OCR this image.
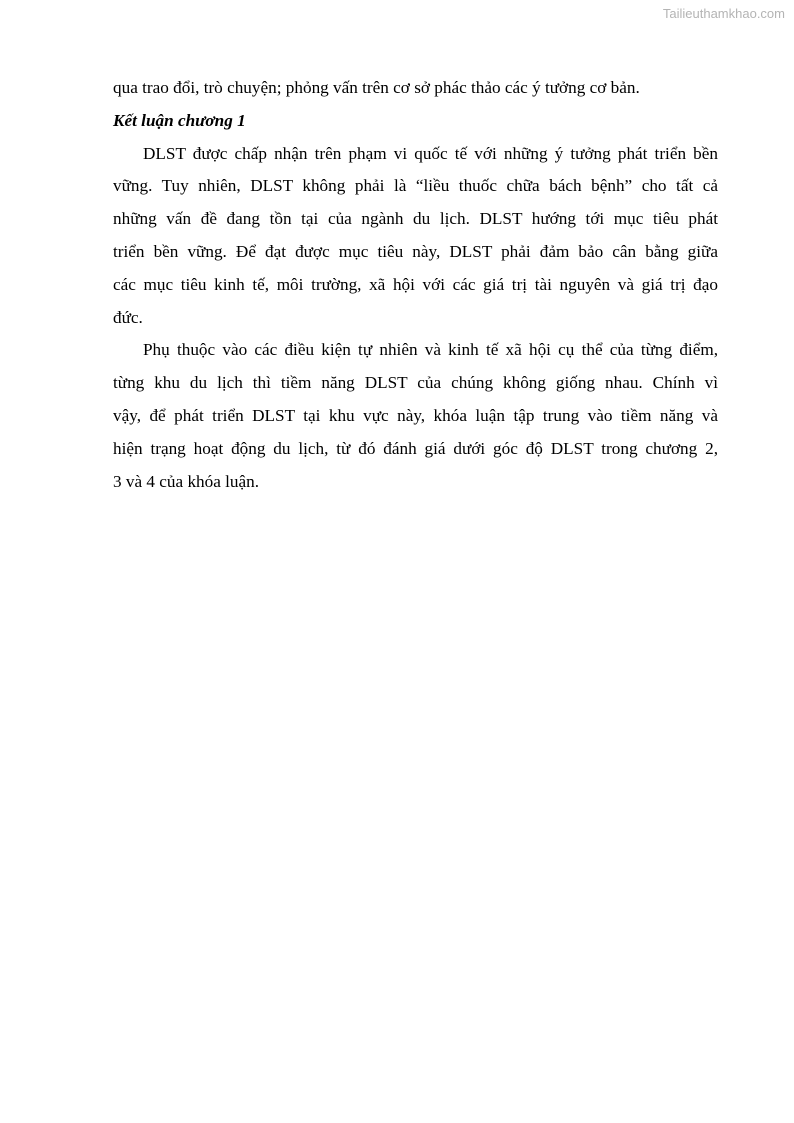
Tailieuthamkhao.com
qua trao đổi, trò chuyện; phỏng vấn trên cơ sở phác thảo các ý tưởng cơ bản.
Kết luận chương 1
DLST được chấp nhận trên phạm vi quốc tế với những ý tưởng phát triển bền
vững. Tuy nhiên, DLST không phải là “liều thuốc chữa bách bệnh” cho tất cả
những vấn đề đang tồn tại của ngành du lịch. DLST hướng tới mục tiêu phát
triển bền vững. Để đạt được mục tiêu này, DLST phải đảm bảo cân bằng giữa
các mục tiêu kinh tế, môi trường, xã hội với các giá trị tài nguyên và giá trị đạo
đức.
Phụ thuộc vào các điều kiện tự nhiên và kinh tế xã hội cụ thể của từng điểm,
từng khu du lịch thì tiềm năng DLST của chúng không giống nhau. Chính vì
vậy, để phát triển DLST tại khu vực này, khóa luận tập trung vào tiềm năng và
hiện trạng hoạt động du lịch, từ đó đánh giá dưới góc độ DLST trong chương 2,
3 và 4 của khóa luận.
